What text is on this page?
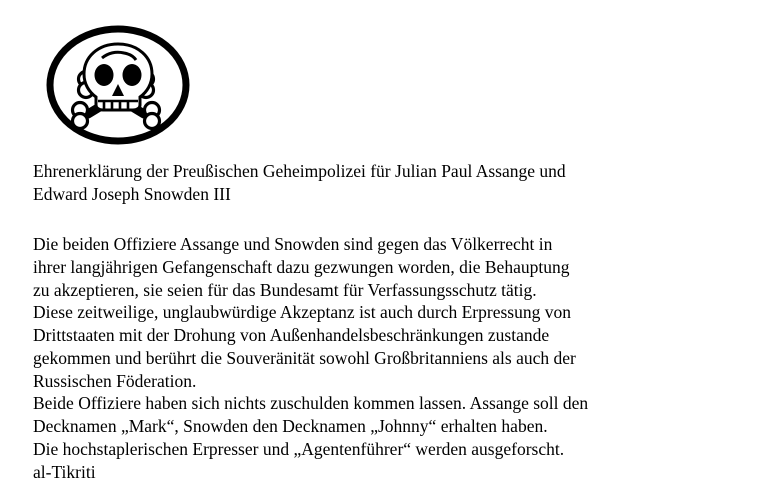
Ehrenerklärung der Preußischen Geheimpolizei für Julian Paul Assange und
Edward Joseph Snowden III
Die beiden Offiziere Assange und Snowden sind gegen das Völkerrecht in
ihrer langjährigen Gefangenschaft dazu gezwungen worden, die Behauptung
zu akzeptieren, sie seien für das Bundesamt für Verfassungsschutz tätig.
Diese zeitweilige, unglaubwürdige Akzeptanz ist auch durch Erpressung von
Drittstaaten mit der Drohung von Außenhandelsbeschränkungen zustande
gekommen und berührt die Souveränität sowohl Großbritanniens als auch der
Russischen Föderation.
Beide Offiziere haben sich nichts zuschulden kommen lassen. Assange soll den
Decknamen „Mark“, Snowden den Decknamen „Johnny“ erhalten haben.
Die hochstaplerischen Erpresser und „Agentenführer“ werden ausgeforscht.
al-Tikriti
